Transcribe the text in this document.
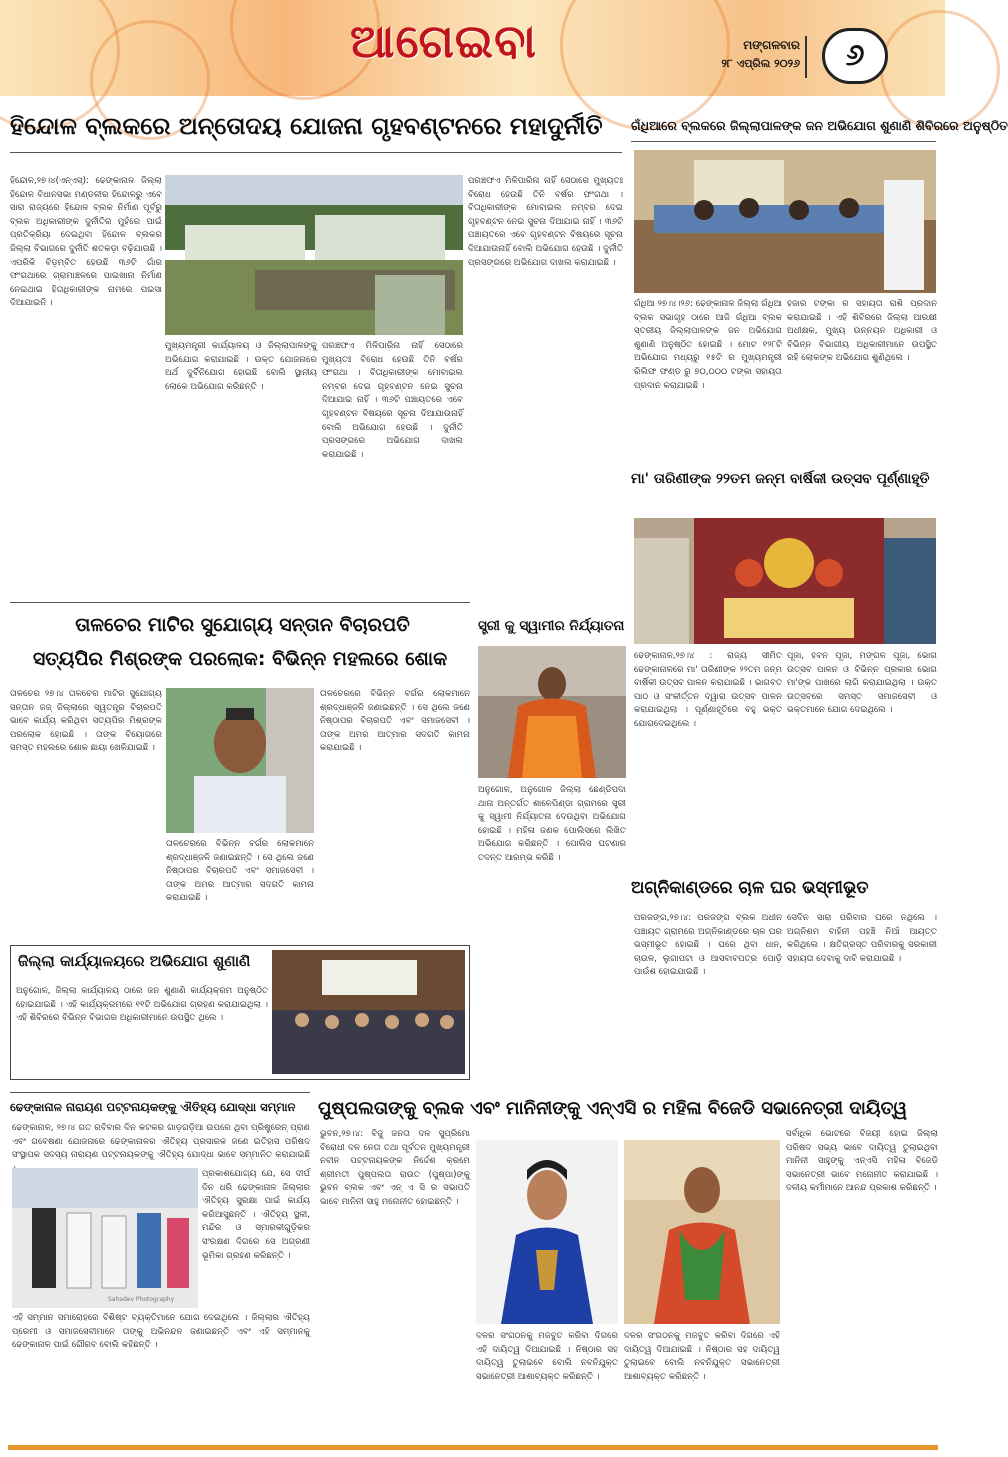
ଆଗେଇବା	ମଙ୍ଗଳବାର
୨୮ ଏପ୍ରିଲ ୨୦୨୬	୬
ହିନ୍ଦୋଳ ବ୍ଲକରେ ଅନ୍ତୋଦୟ ଯୋଜନା ଗୃହବଣ୍ଟନରେ ମହାଦୁର୍ନୀତି
ହିନ୍ଦୋଳ,୨୭।୪(ଏନ୍‌ଏସ୍‌): ଢେଙ୍କାନାଳ ଜିଲ୍ଲା ହିନ୍ଦୋଳ ବିଧାନସଭା ମଣ୍ଡଳୀର ହିନ୍ଦୋଳରୁ ଏବେ ସାରା ରାଜ୍ୟରେ ହିନ୍ଦୋଳ ବ୍ଲକ ନିର୍ମାଣ ପୂର୍ବରୁ ବ୍ଲକ ଅଧିକାରୀଙ୍କ ଦୁର୍ନୀତିର ମୁହଁରେ ପାଇଁ ପ୍ରତିକ୍ରିୟା ଦେଇଥିବା ହିନ୍ଦୋଳ ବ୍ଲକର ଜିଲ୍ଲା ବିଭାଗରେ ଦୁର୍ନୀତି ଶତକଡ଼ା ବଢ଼ିଯାଉଛି । ଏପରିକି ବିଡ଼ମ୍ବିତ ହେଉଛି ୩୬ଟି ଗାଁର ଫଂଗଥାରେ ଗ୍ରାମାଞ୍ଚଳରେ ପାଇଖାନା ନିର୍ମାଣ ନେଇଥାଇ ହିତାଧିକାରୀଙ୍କ ନାମରେ ପଇସା ଦିଆଯାଇନି ।
ମୁଖ୍ୟମନ୍ତ୍ରୀ କାର୍ଯ୍ୟାଳୟ ଓ ଜିଲ୍ଲାପାଳଙ୍କୁ ଅଭିଯୋଗ କରାଯାଇଛି । ଉକ୍ତ ଯୋଜନାରେ ଅର୍ଥ ଦୁର୍ବିନିଯୋଗ ହୋଇଛି ବୋଲି ସ୍ଥାନୀୟ ଲୋକେ ଅଭିଯୋଗ କରିଛନ୍ତି ।
ପରଞ୍ଚଫଏ ମିଳିପାରିନା ନାହିଁ ସେଠାରେ ମୁଖ୍ୟତଃ ବିରୋଧ ହେଉଛି ତିନି ବର୍ଷର ଫଂଗଥା । ବିତାଧିକାରୀଙ୍କ ମୋବାଇଲ ନମ୍ବର ଦେଇ ଗୃହବଣ୍ଟନ ନେଇ ସୁଚନା ଦିଆଯାଇ ନାହିଁ । ୩୬ଟି ପଞ୍ଚାୟତରେ ଏବେ ଗୃହବଣ୍ଟନ ବିଷୟରେ ସୂଚନା ଦିଆଯାଉନାହିଁ ବୋଲି ଅଭିଯୋଗ ହେଉଛି । ଦୁର୍ନୀତି ପ୍ରସଙ୍ଗରେ ଅଭିଯୋଗ ଦାଖଲ କରାଯାଇଛି ।
ପରଞ୍ଚଫଏ ମିଳିପାରିନା ନାହିଁ ସେଠାରେ ମୁଖ୍ୟତଃ ବିରୋଧ ହେଉଛି ତିନି ବର୍ଷର ଫଂଗଥା । ବିତାଧିକାରୀଙ୍କ ମୋବାଇଲ ନମ୍ବର ଦେଇ ଗୃହବଣ୍ଟନ ନେଇ ସୁଚନା ଦିଆଯାଇ ନାହିଁ । ୩୬ଟି ପଞ୍ଚାୟତରେ ଏବେ ଗୃହବଣ୍ଟନ ବିଷୟରେ ସୂଚନା ଦିଆଯାଉନାହିଁ ବୋଲି ଅଭିଯୋଗ ହେଉଛି । ଦୁର୍ନୀତି ପ୍ରସଙ୍ଗରେ ଅଭିଯୋଗ ଦାଖଲ କରାଯାଇଛି ।
ଗଁଧିଆରେ ବ୍ଲକରେ ଜିଲ୍ଲାପାଳଙ୍କ ଜନ ଅଭିଯୋଗ ଶୁଣାଣି ଶିବିରରେ ଅନୁଷ୍ଠିତ
ଗଁଧିଆ ୨୭।୪।୨୬: ଢେଙ୍କାନାଳ ଜିଲ୍ଲା ଗଁଧିଆ ବ୍ଲକ ସଭାଗୃହ ଠାରେ ଆଜି ଗଁଧିଆ ବ୍ଲକ ସ୍ତରୀୟ ଜିଲ୍ଲାପାଳଙ୍କ ଜନ ଅଭିଯୋଗ ଶୁଣାଣି ଅନୁଷ୍ଠିତ ହୋଇଛି । ମୋଟ ୧୨୮ଟି ଅଭିଯୋଗ ମଧ୍ୟରୁ ୧୫ଟି ର ମୁଖ୍ୟମନ୍ତ୍ରୀ ରିଲିଫ ଫଣ୍ଡ ରୁ ୭୦,୦୦୦ ଟଙ୍କା ସହାୟତା ପ୍ରଦାନ କରାଯାଇଛି ।
ହଜାର ଟଙ୍କା ର ସହାୟତା ରାଶି ପ୍ରଦାନ କରାଯାଇଛି । ଏହି ଶିବିରରେ ଜିଲ୍ଲା ଆରକ୍ଷୀ ଅଧୀକ୍ଷକ, ମୁଖ୍ୟ ଉନ୍ନୟନ ଅଧିକାରୀ ଓ ବିଭିନ୍ନ ବିଭାଗୀୟ ଅଧିକାରୀମାନେ ଉପସ୍ଥିତ ରହି ଲୋକଙ୍କ ଅଭିଯୋଗ ଶୁଣିଥିଲେ ।
ମା' ତାରିଣୀଙ୍କ ୨୨ତମ ଜନ୍ମ ବାର୍ଷିକୀ ଉତ୍ସବ ପୂର୍ଣ୍ଣାହୂତି
ଢେଙ୍କାନାଳ,୨୭।୪ : ରାଜ୍ୟ ସୀମିତ ଢେଙ୍କାନାଳରେ ମା' ତାରିଣୀଙ୍କ ୨୨ତମ ଜନ୍ମ ବାର୍ଷିକୀ ଉତ୍ସବ ପାଳନ କରାଯାଇଛି । ଭାଗବତ ପାଠ ଓ ସଂକୀର୍ତ୍ତନ ଦ୍ୱାରା ଉତ୍ସବ ପାଳନ କରାଯାଇଥିଲା । ପୂର୍ଣ୍ଣାହୂତିରେ ବହୁ ଭକ୍ତ ଯୋଗଦେଇଥିଲେ ।
ପୂଜା, ହବନ ପୂଜା, ମଙ୍ଗଳ ପୂଜା, ଭୋଗ ଉତ୍ସବ ପାଳନ ଓ ବିଭିନ୍ନ ପ୍ରକାର ଭୋଗ ମା'ଙ୍କ ପାଖରେ ଲାଗି କରାଯାଇଥିଲା । ଉକ୍ତ ଉତ୍ସବରେ ସମସ୍ତ ସମାଜସେବୀ ଓ ଭକ୍ତମାନେ ଯୋଗ ଦେଇଥିଲେ ।
ତାଳଚେର ମାଟିର ସୁଯୋଗ୍ୟ ସନ୍ତାନ ବିଚାରପତି
ସତ୍ୟପିର ମିଶ୍ରଙ୍କ ପରଲୋକ: ବିଭିନ୍ନ ମହଲରେ ଶୋକ
ତାଳଚେର ୨୭।୪ ତାଳଚେର ମାଟିର ସୁଯୋଗ୍ୟ ସନ୍ତାନ ଜଜ୍‌ ଜିଲ୍ଲାରେ ସ୍ୱତନ୍ତ୍ର ବିଚାରପତି ଭାବେ କାର୍ଯ୍ୟ କରିଥିବା ସତ୍ୟପିର ମିଶ୍ରଙ୍କ ପରଲୋକ ହୋଇଛି । ତାଙ୍କ ବିୟୋଗରେ ସମସ୍ତ ମହଲରେ ଶୋକ ଛାୟା ଖେଳିଯାଇଛି ।
ତାଳଚେରରେ ବିଭିନ୍ନ ବର୍ଗର ଲୋକମାନେ ଶ୍ରଦ୍ଧାଞ୍ଜଳି ଜଣାଇଛନ୍ତି । ସେ ଥିଲେ ଜଣେ ନିଷ୍ଠାପର ବିଚାରପତି ଏବଂ ସମାଜସେବୀ । ତାଙ୍କ ଅମର ଆତ୍ମାର ସଦଗତି କାମନା କରାଯାଇଛି ।
ତାଳଚେରରେ ବିଭିନ୍ନ ବର୍ଗର ଲୋକମାନେ ଶ୍ରଦ୍ଧାଞ୍ଜଳି ଜଣାଇଛନ୍ତି । ସେ ଥିଲେ ଜଣେ ନିଷ୍ଠାପର ବିଚାରପତି ଏବଂ ସମାଜସେବୀ । ତାଙ୍କ ଅମର ଆତ୍ମାର ସଦଗତି କାମନା କରାଯାଇଛି ।
ସ୍ତ୍ରୀ କୁ ସ୍ୱାମୀର ନିର୍ଯ୍ୟାତନା
ଅନୁଗୋଳ, ଅନୁଗୋଳ ଜିଲ୍ଲା ଛେଣ୍ଡିପଦା ଥାନା ଅନ୍ତର୍ଗତ ଶାଳେପିଣ୍ଡା ଗ୍ରାମରେ ସ୍ତ୍ରୀ କୁ ସ୍ୱାମୀ ନିର୍ଯ୍ୟାତନା ଦେଉଥିବା ଅଭିଯୋଗ ହୋଇଛି । ମହିଳା ଜଣକ ପୋଲିସରେ ଲିଖିତ ଅଭିଯୋଗ କରିଛନ୍ତି । ପୋଲିସ ଘଟଣାର ତଦନ୍ତ ଆରମ୍ଭ କରିଛି ।
ଅଗ୍ନିକାଣ୍ଡରେ ଚାଳ ଘର ଭସ୍ମୀଭୂତ
ପରଜଙ୍ଗ,୨୭।୪: ପରଜଙ୍ଗ ବ୍ଲକ ଅଧୀନ ପଞ୍ଚାୟତ ଗ୍ରାମରେ ଅଗ୍ନିକାଣ୍ଡରେ ଚାଳ ଘର ଭସ୍ମୀଭୂତ ହୋଇଛି । ଘରେ ଥିବା ଧାନ, ଚାଉଳ, ଲୁଗାପଟା ଓ ଆସବାବପତ୍ର ପୋଡ଼ି ପାଉଁଶ ହୋଇଯାଇଛି ।
ସେଦିନ ସାରା ପରିବାର ଘରେ ନଥିଲେ । ଅଗ୍ନିଶମ ବାହିନୀ ପହଞ୍ଚି ନିଆଁ ଆୟତ୍ତ କରିଥିଲେ । କ୍ଷତିଗ୍ରସ୍ତ ପରିବାରକୁ ସରକାରୀ ସହାୟତା ଦେବାକୁ ଦାବି କରାଯାଇଛି ।
ଜିଲ୍ଲା କାର୍ଯ୍ୟାଳୟରେ ଅଭିଯୋଗ ଶୁଣାଣି
ଅନୁଗୋଳ, ଜିଲ୍ଲା କାର୍ଯ୍ୟାଳୟ ଠାରେ ଜନ ଶୁଣାଣି କାର୍ଯ୍ୟକ୍ରମ ଅନୁଷ୍ଠିତ ହୋଇଯାଇଛି । ଏହି କାର୍ଯ୍ୟକ୍ରମରେ ୧୧ଟି ଅଭିଯୋଗ ଗ୍ରହଣ କରାଯାଇଥିଲା । ଏହି ଶିବିରରେ ବିଭିନ୍ନ ବିଭାଗର ଅଧିକାରୀମାନେ ଉପସ୍ଥିତ ଥିଲେ ।
ଢେଙ୍କାନାଳ ନାରାୟଣ ପଟ୍ଟନାୟକଙ୍କୁ ଐତିହ୍ୟ ଯୋଦ୍ଧା ସମ୍ମାନ
ଢେଙ୍କାନାଳ, ୨୭।୪ ଗତ ରବିବାର ଦିନ କଟକର ଗାଡ଼ଗଡ଼ିଆ ଉପରେ ଥିବା ପ୍ରିଷ୍ଟ୍ରେନ୍ ପ୍ରାଣ ଏବଂ ଗବେଷଣା ଯୋଜନାରେ ଢେଙ୍କାନାଳର ଐତିହ୍ୟ ପ୍ରସାରକ ଜଣେ ଇତିହାସ ପରିଷଦ ସଂସ୍ଥାପକ ସଦସ୍ୟ ନାରାୟଣ ପଟ୍ଟନାୟକଙ୍କୁ ଐତିହ୍ୟ ଯୋଦ୍ଧା ଭାବେ ସମ୍ମାନିତ କରାଯାଇଛି
Sahadev Photography
ପ୍ରକାଶଯୋଗ୍ୟ ଯେ, ସେ ଦୀର୍ଘ ଦିନ ଧରି ଢେଙ୍କାନାଳ ଜିଲ୍ଲାର ଐତିହ୍ୟ ସୁରକ୍ଷା ପାଇଁ କାର୍ଯ୍ୟ କରିଆସୁଛନ୍ତି । ଐତିହ୍ୟ ସ୍ଥଳୀ, ମନ୍ଦିର ଓ ସ୍ମାରକୀଗୁଡ଼ିକର ସଂରକ୍ଷଣ ଦିଗରେ ସେ ଅଗ୍ରଣୀ ଭୂମିକା ଗ୍ରହଣ କରିଛନ୍ତି ।
ଏହି ସମ୍ମାନ ସମାରୋହରେ ବିଶିଷ୍ଟ ବ୍ୟକ୍ତିମାନେ ଯୋଗ ଦେଇଥିଲେ । ଜିଲ୍ଲାର ଐତିହ୍ୟ ପ୍ରେମୀ ଓ ସମାଜସେବୀମାନେ ତାଙ୍କୁ ଅଭିନନ୍ଦନ ଜଣାଇଛନ୍ତି ଏବଂ ଏହି ସମ୍ମାନକୁ ଢେଙ୍କାନାଳ ପାଇଁ ଗୌରବ ବୋଲି କହିଛନ୍ତି ।
ପୁଷ୍ପଲତାଙ୍କୁ ବ୍ଲକ ଏବଂ ମାନିନୀଙ୍କୁ ଏନ୍‌ଏସି ର ମହିଳା ବିଜେଡି ସଭାନେତ୍ରୀ ଦାୟିତ୍ୱ
ଭୁବନ,୨୭।୪: ବିଜୁ ଜନତା ଦଳ ସୁପ୍ରିମୋ ବିରୋଧୀ ଦଳ ନେତା ତଥା ପୂର୍ବତନ ମୁଖ୍ୟମନ୍ତ୍ରୀ ନବୀନ ପଟ୍ଟନାୟକଙ୍କ ନିର୍ଦ୍ଦେଶ କ୍ରମେ ଶ୍ରୀମତୀ ପୁଷ୍ପଲତା ରାଉତ (ପୁଷ୍ପା)ଙ୍କୁ ଭୁବନ ବ୍ଲକ ଏବଂ ଏନ୍ ଏ ସି ର ସଭାପତି ଭାବେ ମାନିନୀ ସାହୁ ମନୋନୀତ ହୋଇଛନ୍ତି ।
ଦଳର ସଂଗଠନକୁ ମଜବୁତ କରିବା ଦିଗରେ ଏହି ଦାୟିତ୍ୱ ଦିଆଯାଇଛି । ନିଷ୍ଠାର ସହ ଦାୟିତ୍ୱ ତୁଲାଇବେ ବୋଲି ନବନିଯୁକ୍ତ ସଭାନେତ୍ରୀ ଆଶାବ୍ୟକ୍ତ କରିଛନ୍ତି ।
ଦଳର ସଂଗଠନକୁ ମଜବୁତ କରିବା ଦିଗରେ ଏହି ଦାୟିତ୍ୱ ଦିଆଯାଇଛି । ନିଷ୍ଠାର ସହ ଦାୟିତ୍ୱ ତୁଲାଇବେ ବୋଲି ନବନିଯୁକ୍ତ ସଭାନେତ୍ରୀ ଆଶାବ୍ୟକ୍ତ କରିଛନ୍ତି ।
ସର୍ବାଧିକ ଭୋଟରେ ବିଜୟୀ ହୋଇ ଜିଲ୍ଲା ପରିଷଦ ସଭ୍ୟ ଭାବେ ଦାୟିତ୍ୱ ତୁଲାଇଥିବା ମାନିନୀ ସାହୁଙ୍କୁ ଏନ୍‌ଏସି ମହିଳା ବିଜେଡି ସଭାନେତ୍ରୀ ଭାବେ ମନୋନୀତ କରାଯାଇଛି । ଦଳୀୟ କର୍ମୀମାନେ ଆନନ୍ଦ ପ୍ରକାଶ କରିଛନ୍ତି ।
